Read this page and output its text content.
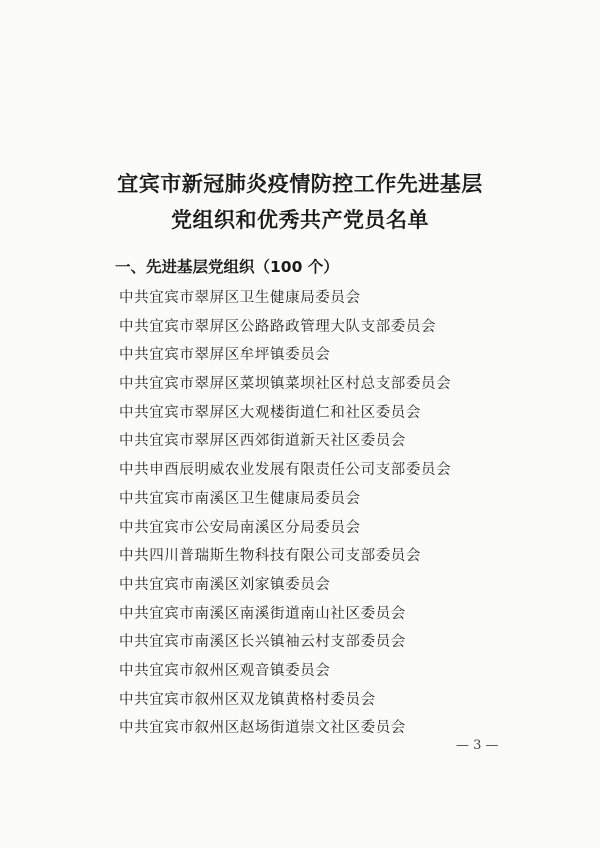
宜宾市新冠肺炎疫情防控工作先进基层
党组织和优秀共产党员名单
一、先进基层党组织（100 个）
中共宜宾市翠屏区卫生健康局委员会
中共宜宾市翠屏区公路路政管理大队支部委员会
中共宜宾市翠屏区牟坪镇委员会
中共宜宾市翠屏区菜坝镇菜坝社区村总支部委员会
中共宜宾市翠屏区大观楼街道仁和社区委员会
中共宜宾市翠屏区西郊街道新天社区委员会
中共申酉辰明威农业发展有限责任公司支部委员会
中共宜宾市南溪区卫生健康局委员会
中共宜宾市公安局南溪区分局委员会
中共四川普瑞斯生物科技有限公司支部委员会
中共宜宾市南溪区刘家镇委员会
中共宜宾市南溪区南溪街道南山社区委员会
中共宜宾市南溪区长兴镇袖云村支部委员会
中共宜宾市叙州区观音镇委员会
中共宜宾市叙州区双龙镇黄格村委员会
中共宜宾市叙州区赵场街道崇文社区委员会
— 3 —
